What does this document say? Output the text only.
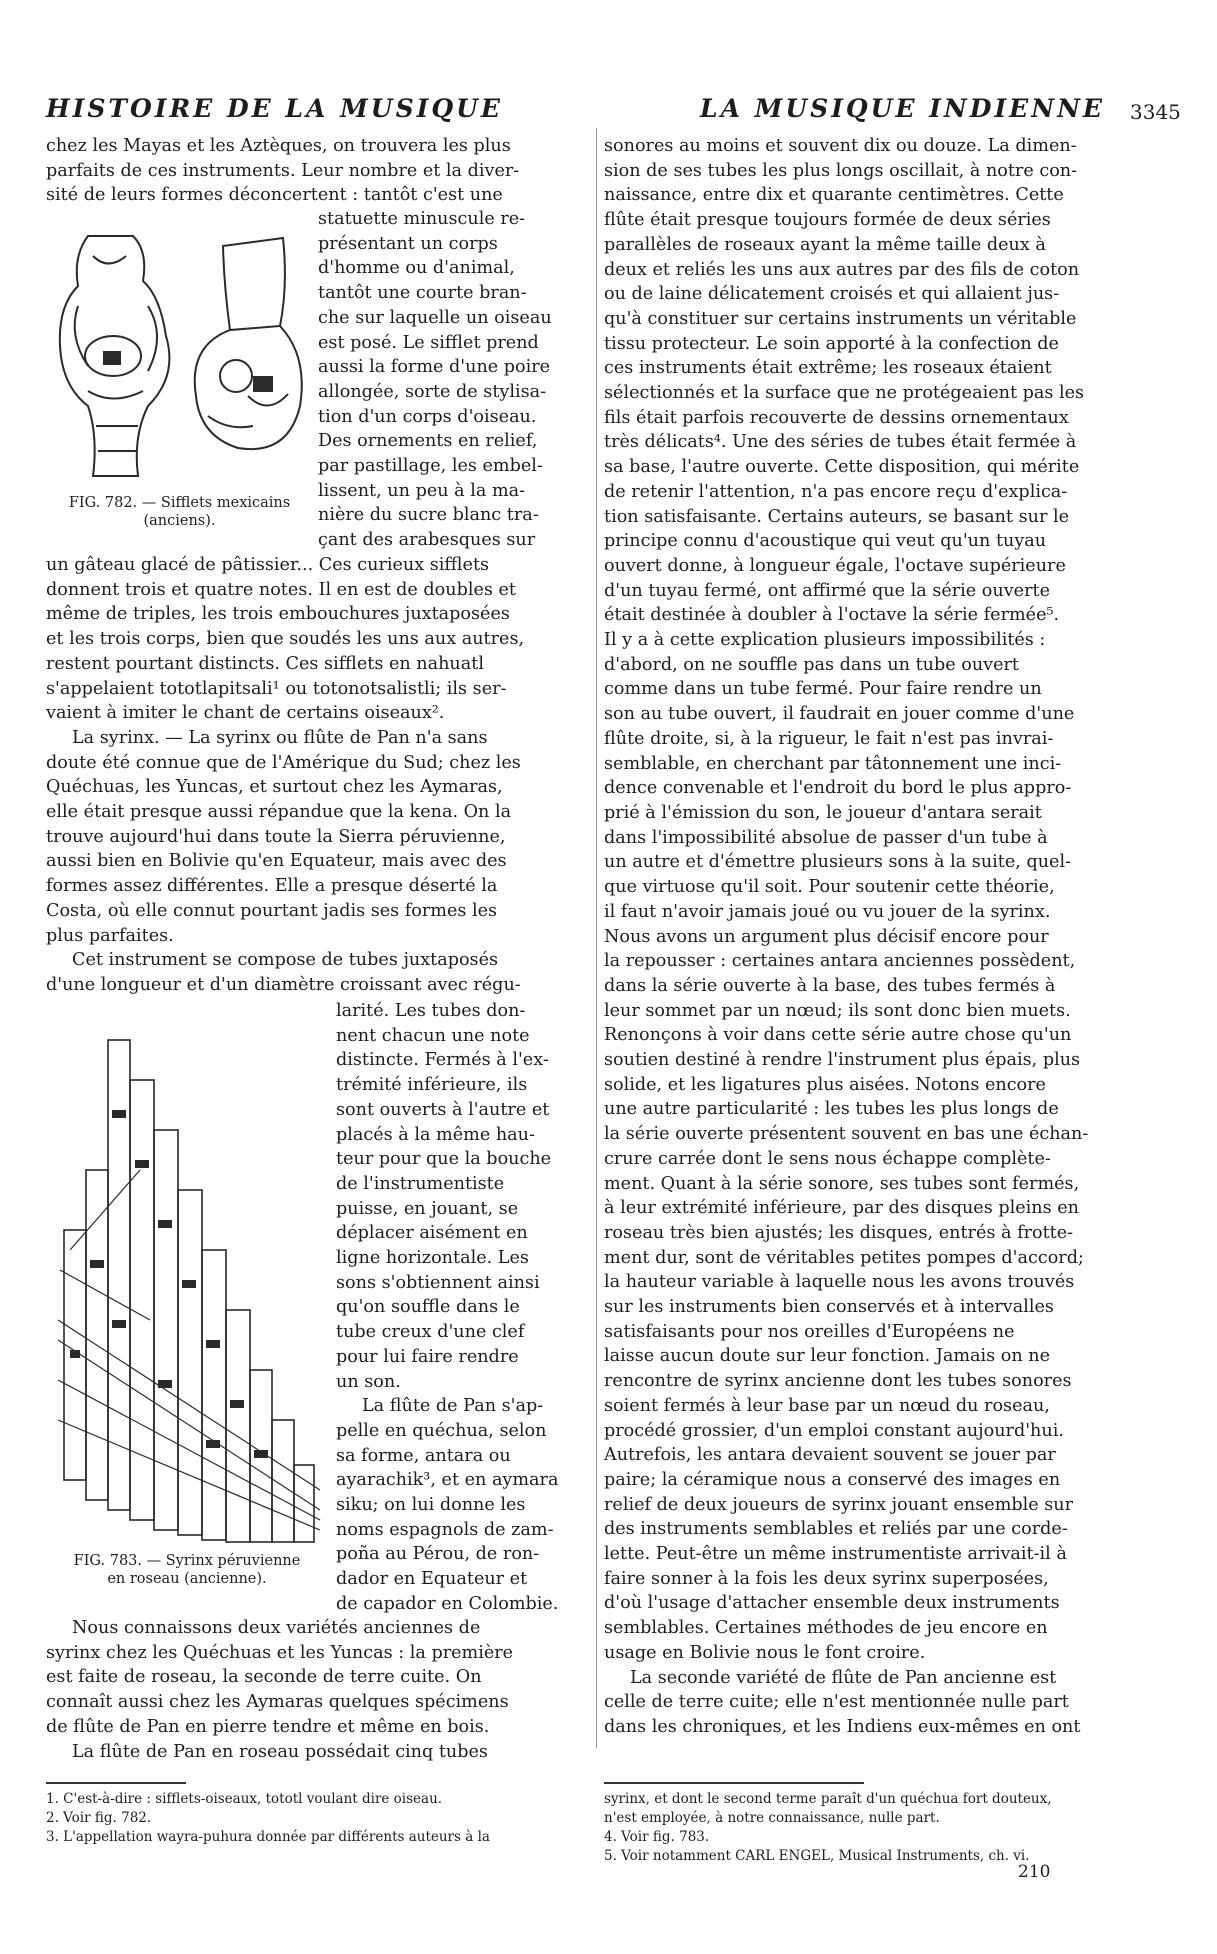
HISTOIRE DE LA MUSIQUE	LA MUSIQUE INDIENNE 3345
chez les Mayas et les Aztèques, on trouvera les plus
parfaits de ces instruments. Leur nombre et la diver-
sité de leurs formes déconcertent : tantôt c'est une
statuette minuscule re-
présentant un corps
d'homme ou d'animal,
tantôt une courte bran-
che sur laquelle un oiseau
est posé. Le sifflet prend
aussi la forme d'une poire
allongée, sorte de stylisa-
tion d'un corps d'oiseau.
Des ornements en relief,
par pastillage, les embel-
lissent, un peu à la ma-
nière du sucre blanc tra-
çant des arabesques sur
FIG. 782. — Sifflets mexicains
(anciens).
un gâteau glacé de pâtissier... Ces curieux sifflets
donnent trois et quatre notes. Il en est de doubles et
même de triples, les trois embouchures juxtaposées
et les trois corps, bien que soudés les uns aux autres,
restent pourtant distincts. Ces sifflets en nahuatl
s'appelaient tototlapitsali¹ ou totonotsalistli; ils ser-
vaient à imiter le chant de certains oiseaux².
La syrinx. — La syrinx ou flûte de Pan n'a sans
doute été connue que de l'Amérique du Sud; chez les
Quéchuas, les Yuncas, et surtout chez les Aymaras,
elle était presque aussi répandue que la kena. On la
trouve aujourd'hui dans toute la Sierra péruvienne,
aussi bien en Bolivie qu'en Equateur, mais avec des
formes assez différentes. Elle a presque déserté la
Costa, où elle connut pourtant jadis ses formes les
plus parfaites.
Cet instrument se compose de tubes juxtaposés
d'une longueur et d'un diamètre croissant avec régu-
larité. Les tubes don-
nent chacun une note
distincte. Fermés à l'ex-
trémité inférieure, ils
sont ouverts à l'autre et
placés à la même hau-
teur pour que la bouche
de l'instrumentiste
puisse, en jouant, se
déplacer aisément en
ligne horizontale. Les
sons s'obtiennent ainsi
qu'on souffle dans le
tube creux d'une clef
pour lui faire rendre
un son.
La flûte de Pan s'ap-
pelle en quéchua, selon
sa forme, antara ou
ayarachik³, et en aymara
siku; on lui donne les
noms espagnols de zam-
poña au Pérou, de ron-
dador en Equateur et
de capador en Colombie.
FIG. 783. — Syrinx péruvienne
en roseau (ancienne).
Nous connaissons deux variétés anciennes de
syrinx chez les Quéchuas et les Yuncas : la première
est faite de roseau, la seconde de terre cuite. On
connaît aussi chez les Aymaras quelques spécimens
de flûte de Pan en pierre tendre et même en bois.
La flûte de Pan en roseau possédait cinq tubes
1. C'est-à-dire : sifflets-oiseaux, tototl voulant dire oiseau.
2. Voir fig. 782.
3. L'appellation wayra-puhura donnée par différents auteurs à la
sonores au moins et souvent dix ou douze. La dimen-
sion de ses tubes les plus longs oscillait, à notre con-
naissance, entre dix et quarante centimètres. Cette
flûte était presque toujours formée de deux séries
parallèles de roseaux ayant la même taille deux à
deux et reliés les uns aux autres par des fils de coton
ou de laine délicatement croisés et qui allaient jus-
qu'à constituer sur certains instruments un véritable
tissu protecteur. Le soin apporté à la confection de
ces instruments était extrême; les roseaux étaient
sélectionnés et la surface que ne protégeaient pas les
fils était parfois recouverte de dessins ornementaux
très délicats⁴. Une des séries de tubes était fermée à
sa base, l'autre ouverte. Cette disposition, qui mérite
de retenir l'attention, n'a pas encore reçu d'explica-
tion satisfaisante. Certains auteurs, se basant sur le
principe connu d'acoustique qui veut qu'un tuyau
ouvert donne, à longueur égale, l'octave supérieure
d'un tuyau fermé, ont affirmé que la série ouverte
était destinée à doubler à l'octave la série fermée⁵.
Il y a à cette explication plusieurs impossibilités :
d'abord, on ne souffle pas dans un tube ouvert
comme dans un tube fermé. Pour faire rendre un
son au tube ouvert, il faudrait en jouer comme d'une
flûte droite, si, à la rigueur, le fait n'est pas invrai-
semblable, en cherchant par tâtonnement une inci-
dence convenable et l'endroit du bord le plus appro-
prié à l'émission du son, le joueur d'antara serait
dans l'impossibilité absolue de passer d'un tube à
un autre et d'émettre plusieurs sons à la suite, quel-
que virtuose qu'il soit. Pour soutenir cette théorie,
il faut n'avoir jamais joué ou vu jouer de la syrinx.
Nous avons un argument plus décisif encore pour
la repousser : certaines antara anciennes possèdent,
dans la série ouverte à la base, des tubes fermés à
leur sommet par un nœud; ils sont donc bien muets.
Renonçons à voir dans cette série autre chose qu'un
soutien destiné à rendre l'instrument plus épais, plus
solide, et les ligatures plus aisées. Notons encore
une autre particularité : les tubes les plus longs de
la série ouverte présentent souvent en bas une échan-
crure carrée dont le sens nous échappe complète-
ment. Quant à la série sonore, ses tubes sont fermés,
à leur extrémité inférieure, par des disques pleins en
roseau très bien ajustés; les disques, entrés à frotte-
ment dur, sont de véritables petites pompes d'accord;
la hauteur variable à laquelle nous les avons trouvés
sur les instruments bien conservés et à intervalles
satisfaisants pour nos oreilles d'Européens ne
laisse aucun doute sur leur fonction. Jamais on ne
rencontre de syrinx ancienne dont les tubes sonores
soient fermés à leur base par un nœud du roseau,
procédé grossier, d'un emploi constant aujourd'hui.
Autrefois, les antara devaient souvent se jouer par
paire; la céramique nous a conservé des images en
relief de deux joueurs de syrinx jouant ensemble sur
des instruments semblables et reliés par une corde-
lette. Peut-être un même instrumentiste arrivait-il à
faire sonner à la fois les deux syrinx superposées,
d'où l'usage d'attacher ensemble deux instruments
semblables. Certaines méthodes de jeu encore en
usage en Bolivie nous le font croire.
La seconde variété de flûte de Pan ancienne est
celle de terre cuite; elle n'est mentionnée nulle part
dans les chroniques, et les Indiens eux-mêmes en ont
syrinx, et dont le second terme paraît d'un quéchua fort douteux,
n'est employée, à notre connaissance, nulle part.
4. Voir fig. 783.
5. Voir notamment CARL ENGEL, Musical Instruments, ch. vi.
210
